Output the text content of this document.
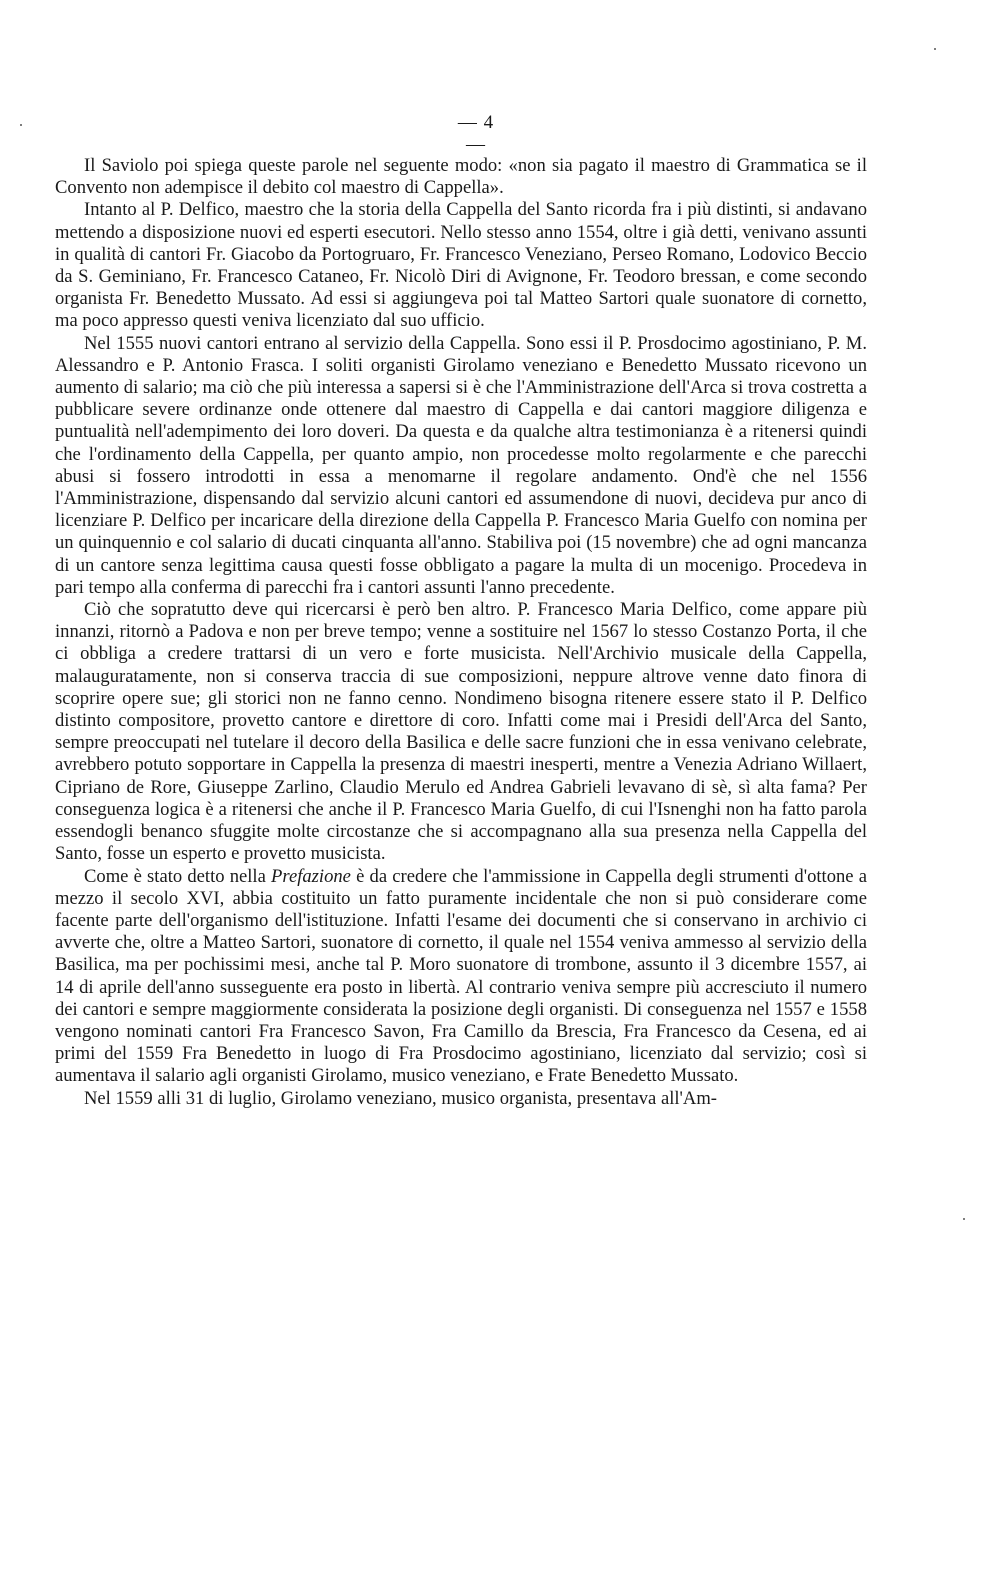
— 4 —

Il Saviolo poi spiega queste parole nel seguente modo: «non sia pagato il maestro di Grammatica se il Convento non adempisce il debito col maestro di Cappella».

Intanto al P. Delfico, maestro che la storia della Cappella del Santo ricorda fra i più distinti, si andavano mettendo a disposizione nuovi ed esperti esecutori. Nello stesso anno 1554, oltre i già detti, venivano assunti in qualità di cantori Fr. Giacobo da Portogruaro, Fr. Francesco Veneziano, Perseo Romano, Lodovico Beccio da S. Geminiano, Fr. Francesco Cataneo, Fr. Nicolò Diri di Avignone, Fr. Teodoro bressan, e come secondo organista Fr. Benedetto Mussato. Ad essi si aggiungeva poi tal Matteo Sartori quale suonatore di cornetto, ma poco appresso questi veniva licenziato dal suo ufficio.

Nel 1555 nuovi cantori entrano al servizio della Cappella. Sono essi il P. Prosdocimo agostiniano, P. M. Alessandro e P. Antonio Frasca. I soliti organisti Girolamo veneziano e Benedetto Mussato ricevono un aumento di salario; ma ciò che più interessa a sapersi si è che l'Amministrazione dell'Arca si trova costretta a pubblicare severe ordinanze onde ottenere dal maestro di Cappella e dai cantori maggiore diligenza e puntualità nell'adempimento dei loro doveri. Da questa e da qualche altra testimonianza è a ritenersi quindi che l'ordinamento della Cappella, per quanto ampio, non procedesse molto regolarmente e che parecchi abusi si fossero introdotti in essa a menomarne il regolare andamento. Ond'è che nel 1556 l'Amministrazione, dispensando dal servizio alcuni cantori ed assumendone di nuovi, decideva pur anco di licenziare P. Delfico per incaricare della direzione della Cappella P. Francesco Maria Guelfo con nomina per un quinquennio e col salario di ducati cinquanta all'anno. Stabiliva poi (15 novembre) che ad ogni mancanza di un cantore senza legittima causa questi fosse obbligato a pagare la multa di un mocenigo. Procedeva in pari tempo alla conferma di parecchi fra i cantori assunti l'anno precedente.

Ciò che sopratutto deve qui ricercarsi è però ben altro. P. Francesco Maria Delfico, come appare più innanzi, ritornò a Padova e non per breve tempo; venne a sostituire nel 1567 lo stesso Costanzo Porta, il che ci obbliga a credere trattarsi di un vero e forte musicista. Nell'Archivio musicale della Cappella, malauguratamente, non si conserva traccia di sue composizioni, neppure altrove venne dato finora di scoprire opere sue; gli storici non ne fanno cenno. Nondimeno bisogna ritenere essere stato il P. Delfico distinto compositore, provetto cantore e direttore di coro. Infatti come mai i Presidi dell'Arca del Santo, sempre preoccupati nel tutelare il decoro della Basilica e delle sacre funzioni che in essa venivano celebrate, avrebbero potuto sopportare in Cappella la presenza di maestri inesperti, mentre a Venezia Adriano Willaert, Cipriano de Rore, Giuseppe Zarlino, Claudio Merulo ed Andrea Gabrieli levavano di sè, sì alta fama? Per conseguenza logica è a ritenersi che anche il P. Francesco Maria Guelfo, di cui l'Isnenghi non ha fatto parola essendogli benanco sfuggite molte circostanze che si accompagnano alla sua presenza nella Cappella del Santo, fosse un esperto e provetto musicista.

Come è stato detto nella Prefazione è da credere che l'ammissione in Cappella degli strumenti d'ottone a mezzo il secolo XVI, abbia costituito un fatto puramente incidentale che non si può considerare come facente parte dell'organismo dell'istituzione. Infatti l'esame dei documenti che si conservano in archivio ci avverte che, oltre a Matteo Sartori, suonatore di cornetto, il quale nel 1554 veniva ammesso al servizio della Basilica, ma per pochissimi mesi, anche tal P. Moro suonatore di trombone, assunto il 3 dicembre 1557, ai 14 di aprile dell'anno susseguente era posto in libertà. Al contrario veniva sempre più accresciuto il numero dei cantori e sempre maggiormente considerata la posizione degli organisti. Di conseguenza nel 1557 e 1558 vengono nominati cantori Fra Francesco Savon, Fra Camillo da Brescia, Fra Francesco da Cesena, ed ai primi del 1559 Fra Benedetto in luogo di Fra Prosdocimo agostiniano, licenziato dal servizio; così si aumentava il salario agli organisti Girolamo, musico veneziano, e Frate Benedetto Mussato.

Nel 1559 alli 31 di luglio, Girolamo veneziano, musico organista, presentava all'Am-
